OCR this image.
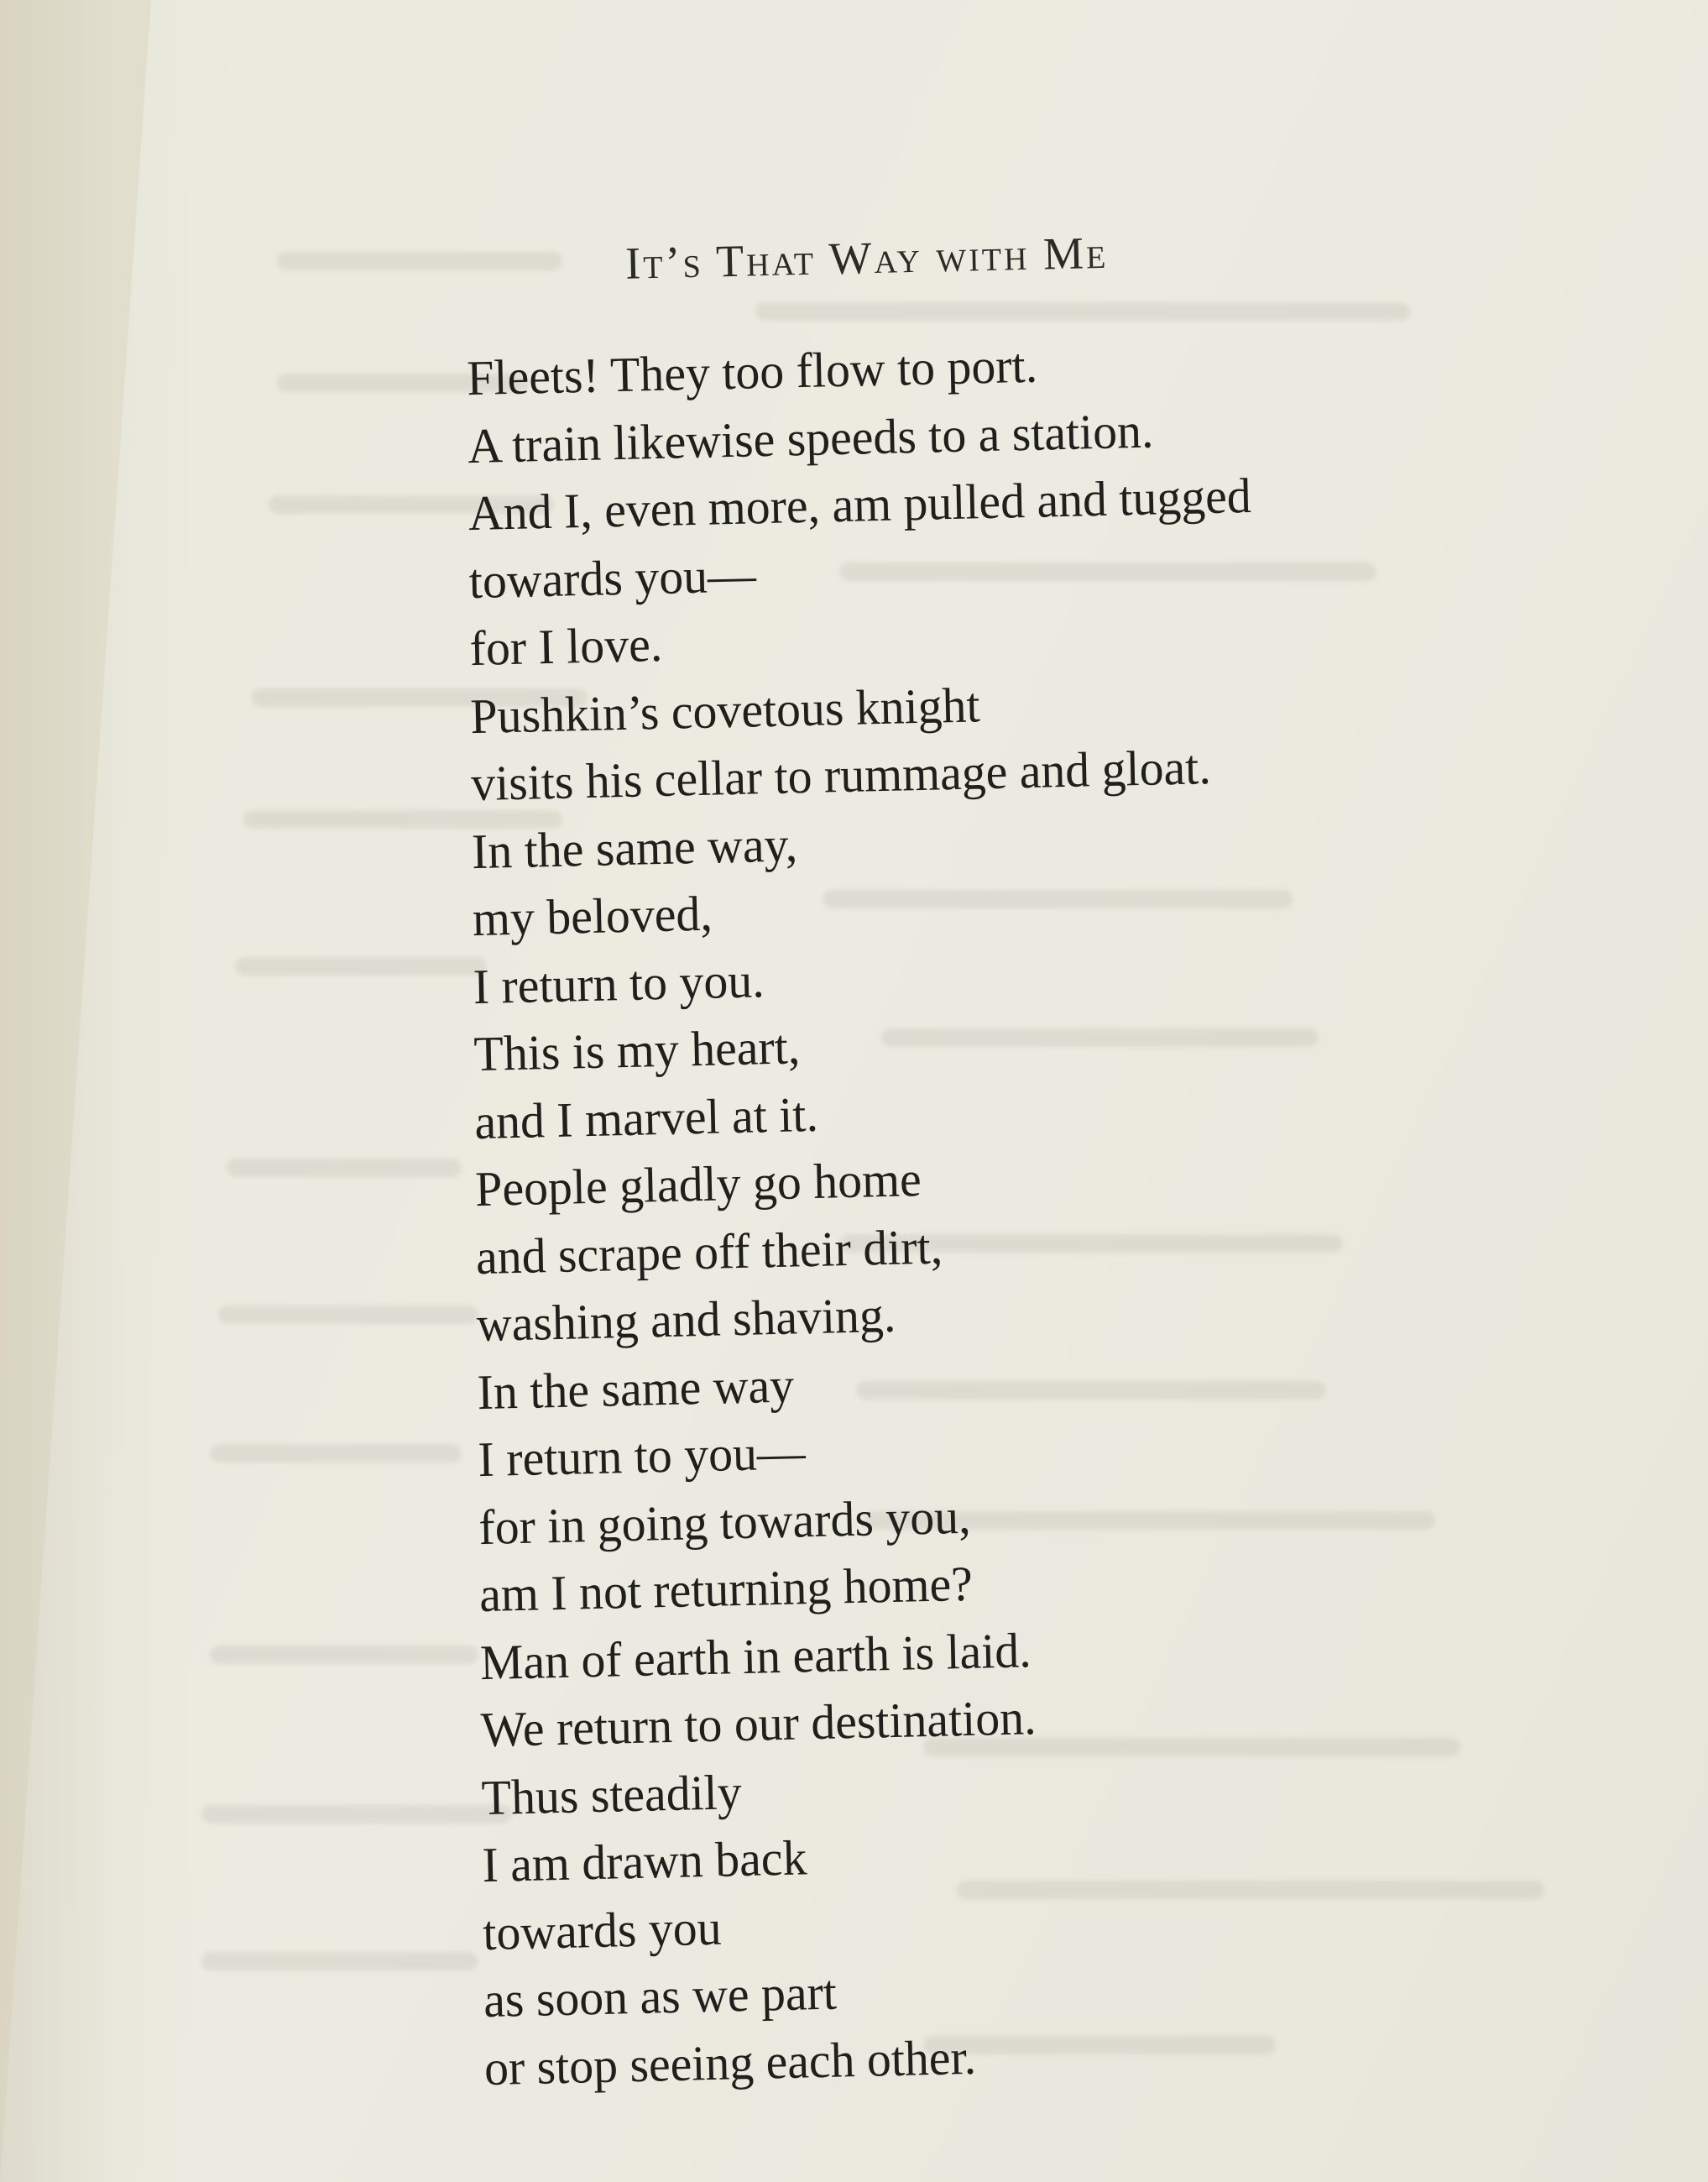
It’s That Way with Me
Fleets! They too flow to port.
A train likewise speeds to a station.
And I, even more, am pulled and tugged
towards you—
for I love.
Pushkin’s covetous knight
visits his cellar to rummage and gloat.
In the same way,
my beloved,
I return to you.
This is my heart,
and I marvel at it.
People gladly go home
and scrape off their dirt,
washing and shaving.
In the same way
I return to you—
for in going towards you,
am I not returning home?
Man of earth in earth is laid.
We return to our destination.
Thus steadily
I am drawn back
towards you
as soon as we part
or stop seeing each other.
